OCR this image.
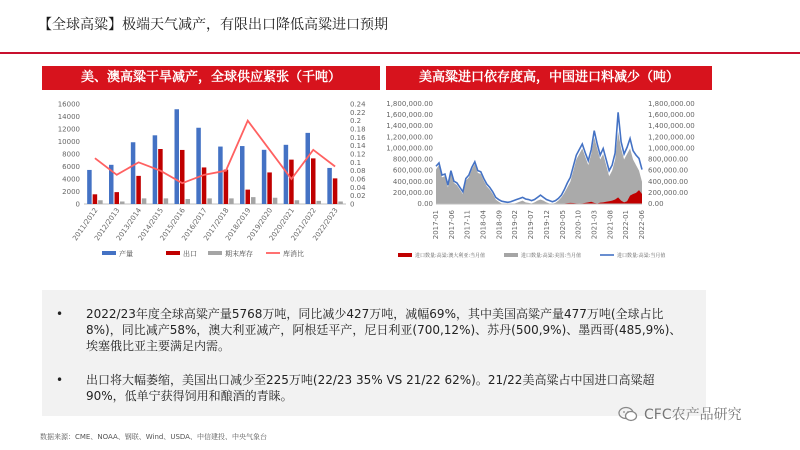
【全球高粱】极端天气减产，有限出口降低高粱进口预期
美、澳高粱干旱减产，全球供应紧张（千吨）	美高粱进口依存度高，中国进口料减少（吨）
0
2000
4000
6000
8000
10000
12000
14000
16000
0
0.02
0.04
0.06
0.08
0.1
0.12
0.14
0.16
0.18
0.2
0.22
0.24
2011/2012
2012/2013
2013/2014
2014/2015
2015/2016
2016/2017
2017/2018
2018/2019
2019/2020
2020/2021
2021/2022
2022/2023
产量	出口	期末库存	库消比
0.00
200,000.00
400,000.00
600,000.00
800,000.00
1,000,000.00
1,200,000.00
1,400,000.00
1,600,000.00
1,800,000.00
0.00
200,000.00
400,000.00
600,000.00
800,000.00
1,000,000.00
1,200,000.00
1,400,000.00
1,600,000.00
1,800,000.00
2017-01 2017-06 2017-11 2018-04 2018-09 2019-02 2019-07 2019-12 2020-05 2020-10 2021-03 2021-08 2022-01 2022-06
进口数量:高粱:澳大利亚:当月值	进口数量:高粱:美国:当月值	进口数量:高粱:当月值
•	2022/23年度全球高粱产量5768万吨，同比减少427万吨，减幅69%，其中美国高粱产量477万吨(全球占比8%)，同比减产58%，澳大利亚减产，阿根廷平产，尼日利亚(700,12%)、苏丹(500,9%)、墨西哥(485,9%)、埃塞俄比亚主要满足内需。
•	出口将大幅萎缩，美国出口减少至225万吨(22/23 35% VS 21/22 62%)。21/22美高粱占中国进口高粱超90%，低单宁获得饲用和酿酒的青睐。
数据来源：CME、NOAA、钢联、Wind、USDA、中信建投、中央气象台
CFC农产品研究
